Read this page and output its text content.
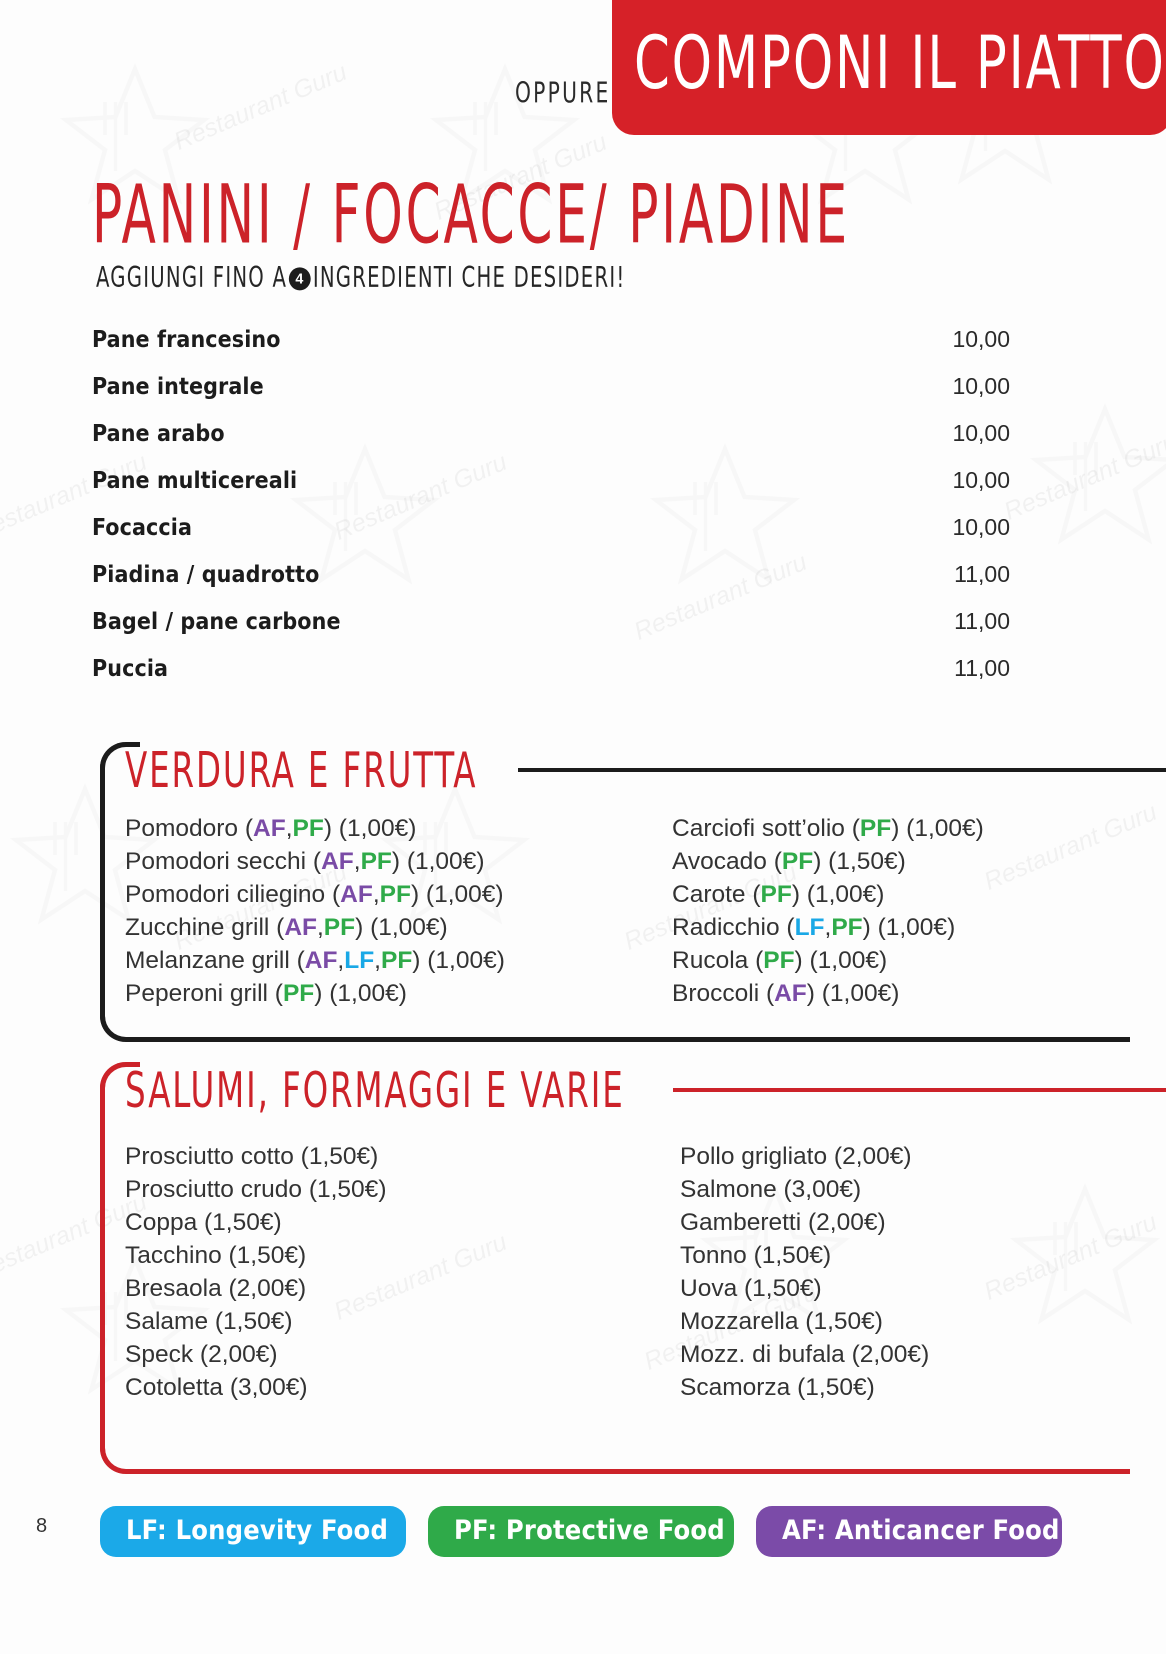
COMPONI IL PIATTO
OPPURE
PANINI / FOCACCE/ PIADINE
AGGIUNGI FINO A 4 INGREDIENTI CHE DESIDERI!
Pane francesino	10,00
Pane integrale	10,00
Pane arabo	10,00
Pane multicereali	10,00
Focaccia	10,00
Piadina / quadrotto	11,00
Bagel / pane carbone	11,00
Puccia	11,00
VERDURA E FRUTTA
Pomodoro (AF,PF) (1,00€)
Pomodori secchi (AF,PF) (1,00€)
Pomodori ciliegino (AF,PF) (1,00€)
Zucchine grill (AF,PF) (1,00€)
Melanzane grill (AF,LF,PF) (1,00€)
Peperoni grill (PF) (1,00€)
Carciofi sott’olio (PF) (1,00€)
Avocado (PF) (1,50€)
Carote (PF) (1,00€)
Radicchio (LF,PF) (1,00€)
Rucola (PF) (1,00€)
Broccoli (AF) (1,00€)
SALUMI, FORMAGGI E VARIE
Prosciutto cotto (1,50€)
Prosciutto crudo (1,50€)
Coppa (1,50€)
Tacchino (1,50€)
Bresaola (2,00€)
Salame (1,50€)
Speck (2,00€)
Cotoletta (3,00€)
Pollo grigliato (2,00€)
Salmone (3,00€)
Gamberetti (2,00€)
Tonno (1,50€)
Uova (1,50€)
Mozzarella (1,50€)
Mozz. di bufala (2,00€)
Scamorza (1,50€)
LF: Longevity Food	PF: Protective Food	AF: Anticancer Food
8
